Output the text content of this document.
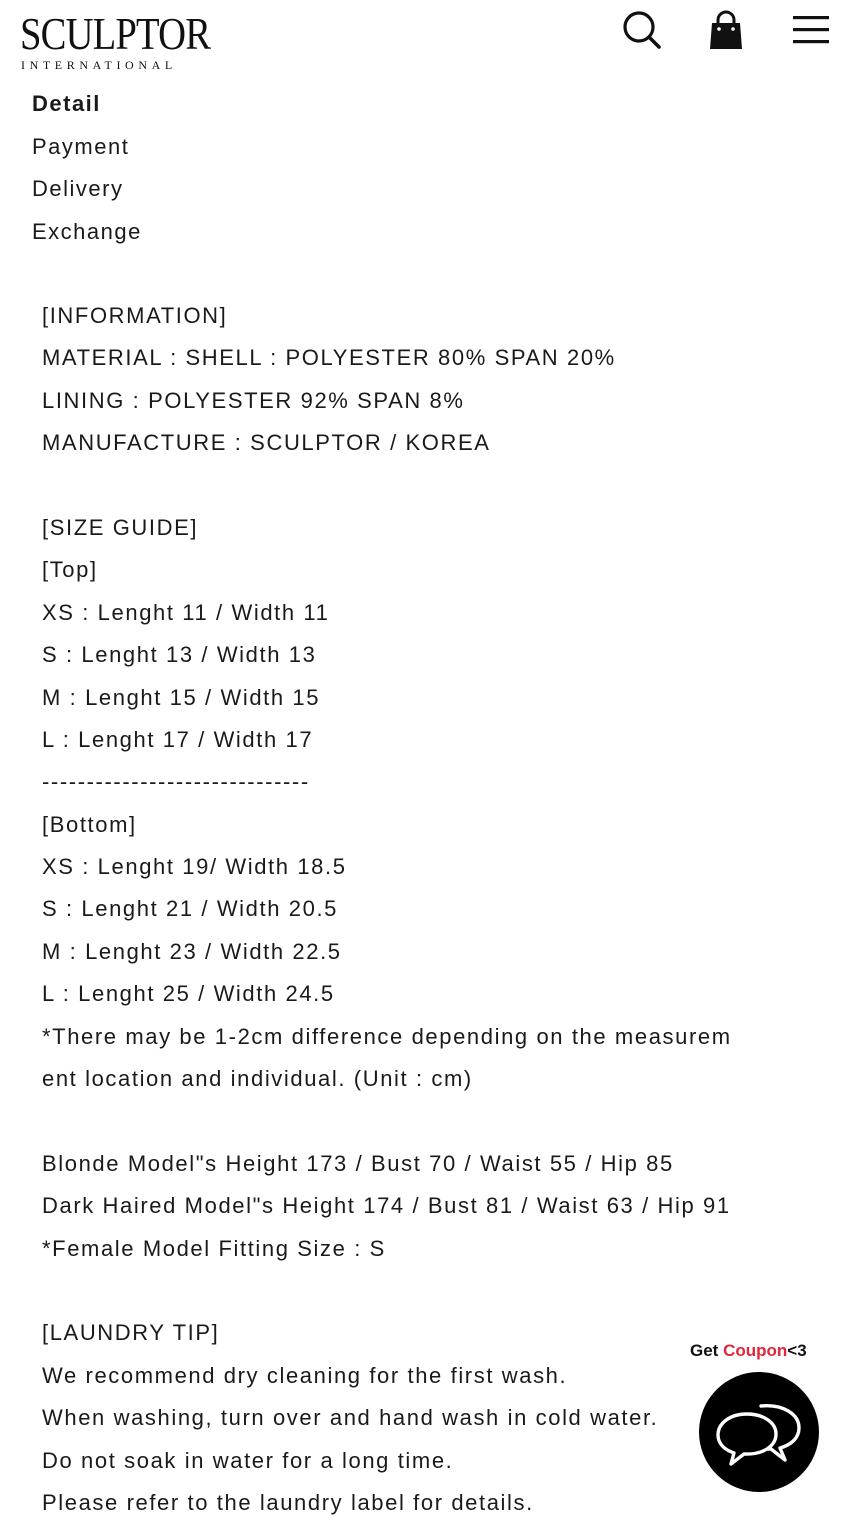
SCULPTOR
INTERNATIONAL
Detail
Payment
Delivery
Exchange
[INFORMATION]
MATERIAL : SHELL : POLYESTER 80% SPAN 20%
LINING : POLYESTER 92% SPAN 8%
MANUFACTURE : SCULPTOR / KOREA
[SIZE GUIDE]
[Top]
XS : Lenght 11 / Width 11
S : Lenght 13 / Width 13
M : Lenght 15 / Width 15
L : Lenght 17 / Width 17
------------------------------
[Bottom]
XS : Lenght 19/ Width 18.5
S : Lenght 21 / Width 20.5
M : Lenght 23 / Width 22.5
L : Lenght 25 / Width 24.5
*There may be 1-2cm difference depending on the measurem
ent location and individual. (Unit : cm)
Blonde Model"s Height 173 / Bust 70 / Waist 55 / Hip 85
Dark Haired Model"s Height 174 / Bust 81 / Waist 63 / Hip 91
*Female Model Fitting Size : S
[LAUNDRY TIP]
We recommend dry cleaning for the first wash.
When washing, turn over and hand wash in cold water.
Do not soak in water for a long time.
Please refer to the laundry label for details.
Get Coupon<3
